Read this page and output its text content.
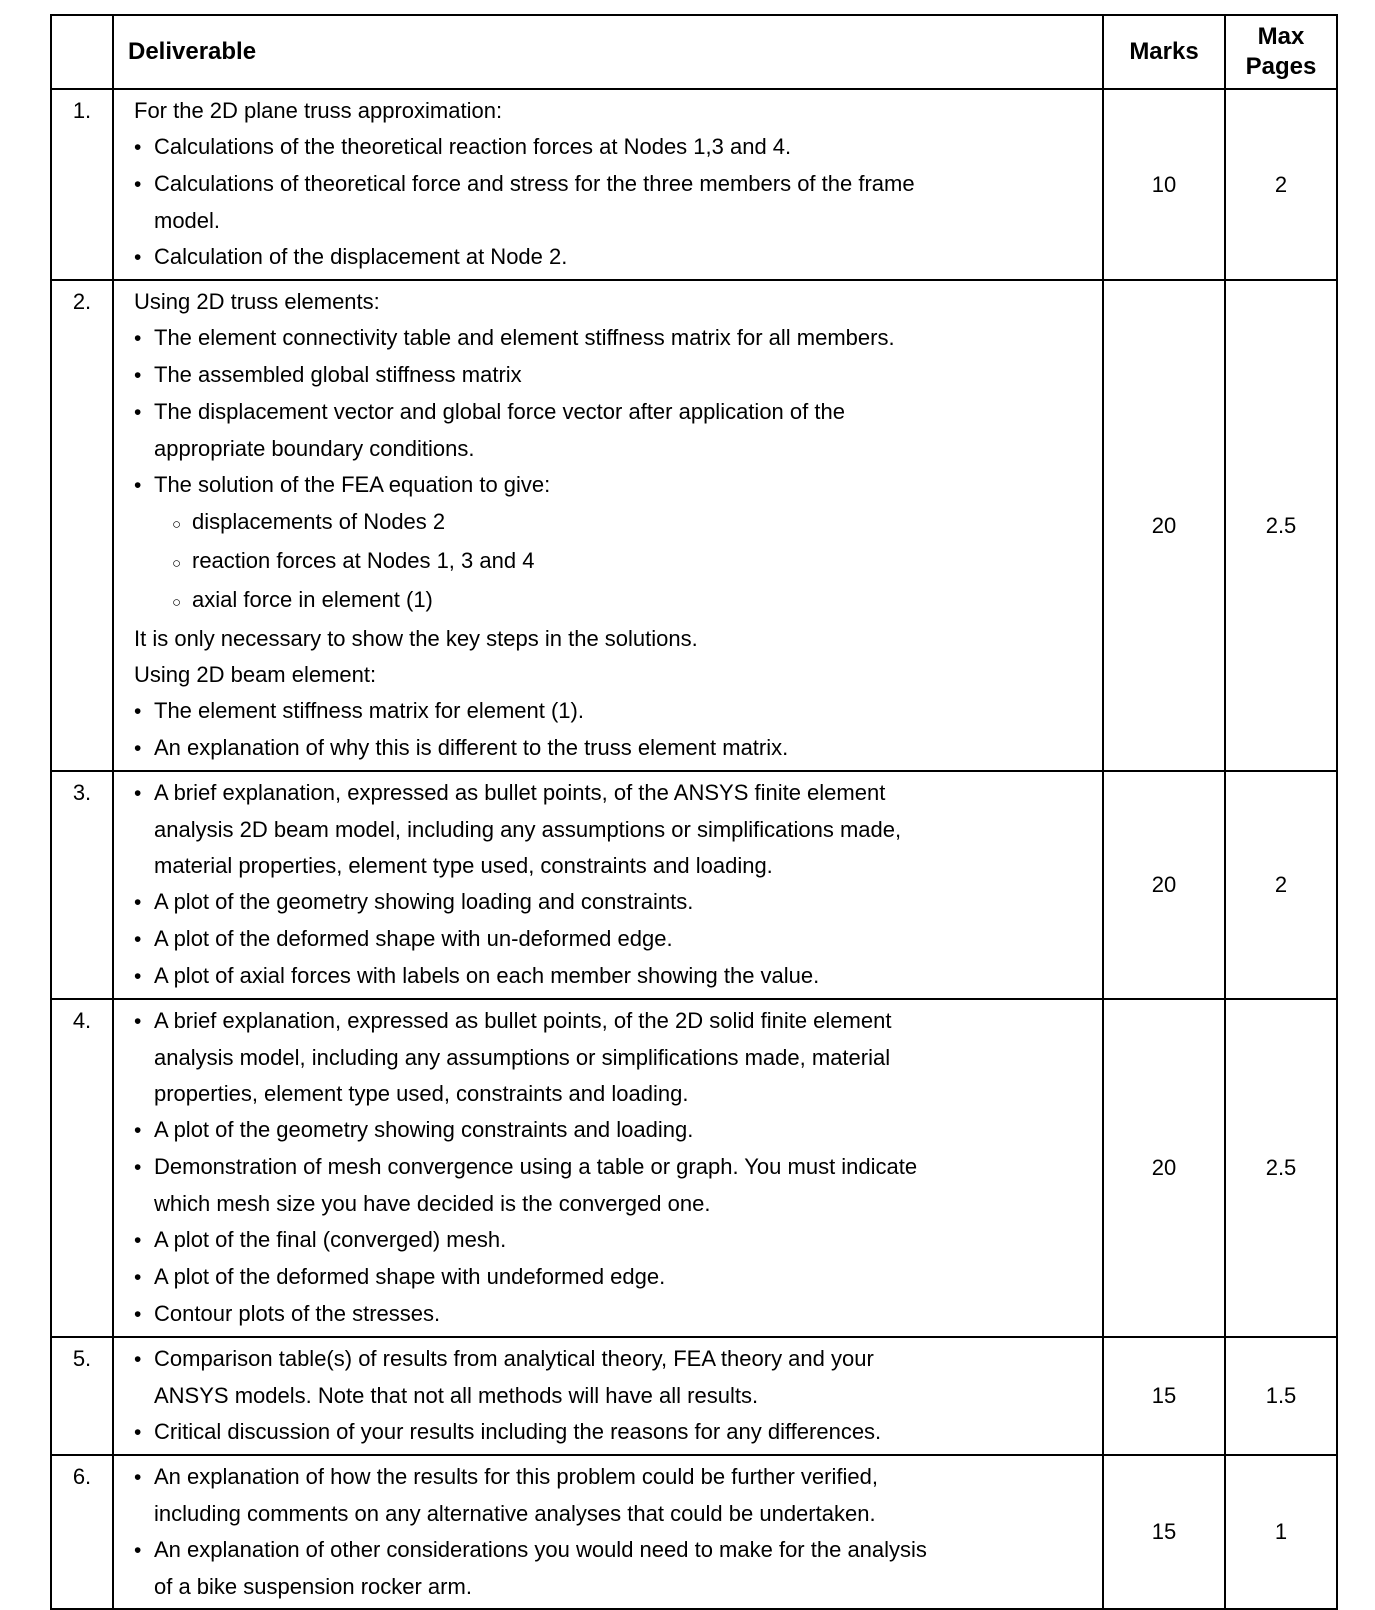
	Deliverable	Marks	Max Pages
1.	For the 2D plane truss approximation:
• Calculations of the theoretical reaction forces at Nodes 1,3 and 4.
• Calculations of theoretical force and stress for the three members of the frame
model.
• Calculation of the displacement at Node 2.
	10	2
2.	Using 2D truss elements:
• The element connectivity table and element stiffness matrix for all members.
• The assembled global stiffness matrix
• The displacement vector and global force vector after application of the
appropriate boundary conditions.
• The solution of the FEA equation to give:
○ displacements of Nodes 2
○ reaction forces at Nodes 1, 3 and 4
○ axial force in element (1)
It is only necessary to show the key steps in the solutions.
Using 2D beam element:
• The element stiffness matrix for element (1).
• An explanation of why this is different to the truss element matrix.
	20	2.5
3.	• A brief explanation, expressed as bullet points, of the ANSYS finite element
analysis 2D beam model, including any assumptions or simplifications made,
material properties, element type used, constraints and loading.
• A plot of the geometry showing loading and constraints.
• A plot of the deformed shape with un-deformed edge.
• A plot of axial forces with labels on each member showing the value.
	20	2
4.	• A brief explanation, expressed as bullet points, of the 2D solid finite element
analysis model, including any assumptions or simplifications made, material
properties, element type used, constraints and loading.
• A plot of the geometry showing constraints and loading.
• Demonstration of mesh convergence using a table or graph. You must indicate
which mesh size you have decided is the converged one.
• A plot of the final (converged) mesh.
• A plot of the deformed shape with undeformed edge.
• Contour plots of the stresses.
	20	2.5
5.	• Comparison table(s) of results from analytical theory, FEA theory and your
ANSYS models. Note that not all methods will have all results.
• Critical discussion of your results including the reasons for any differences.	15	1.5
6.	• An explanation of how the results for this problem could be further verified,
including comments on any alternative analyses that could be undertaken.
• An explanation of other considerations you would need to make for the analysis
of a bike suspension rocker arm.
	15	1
